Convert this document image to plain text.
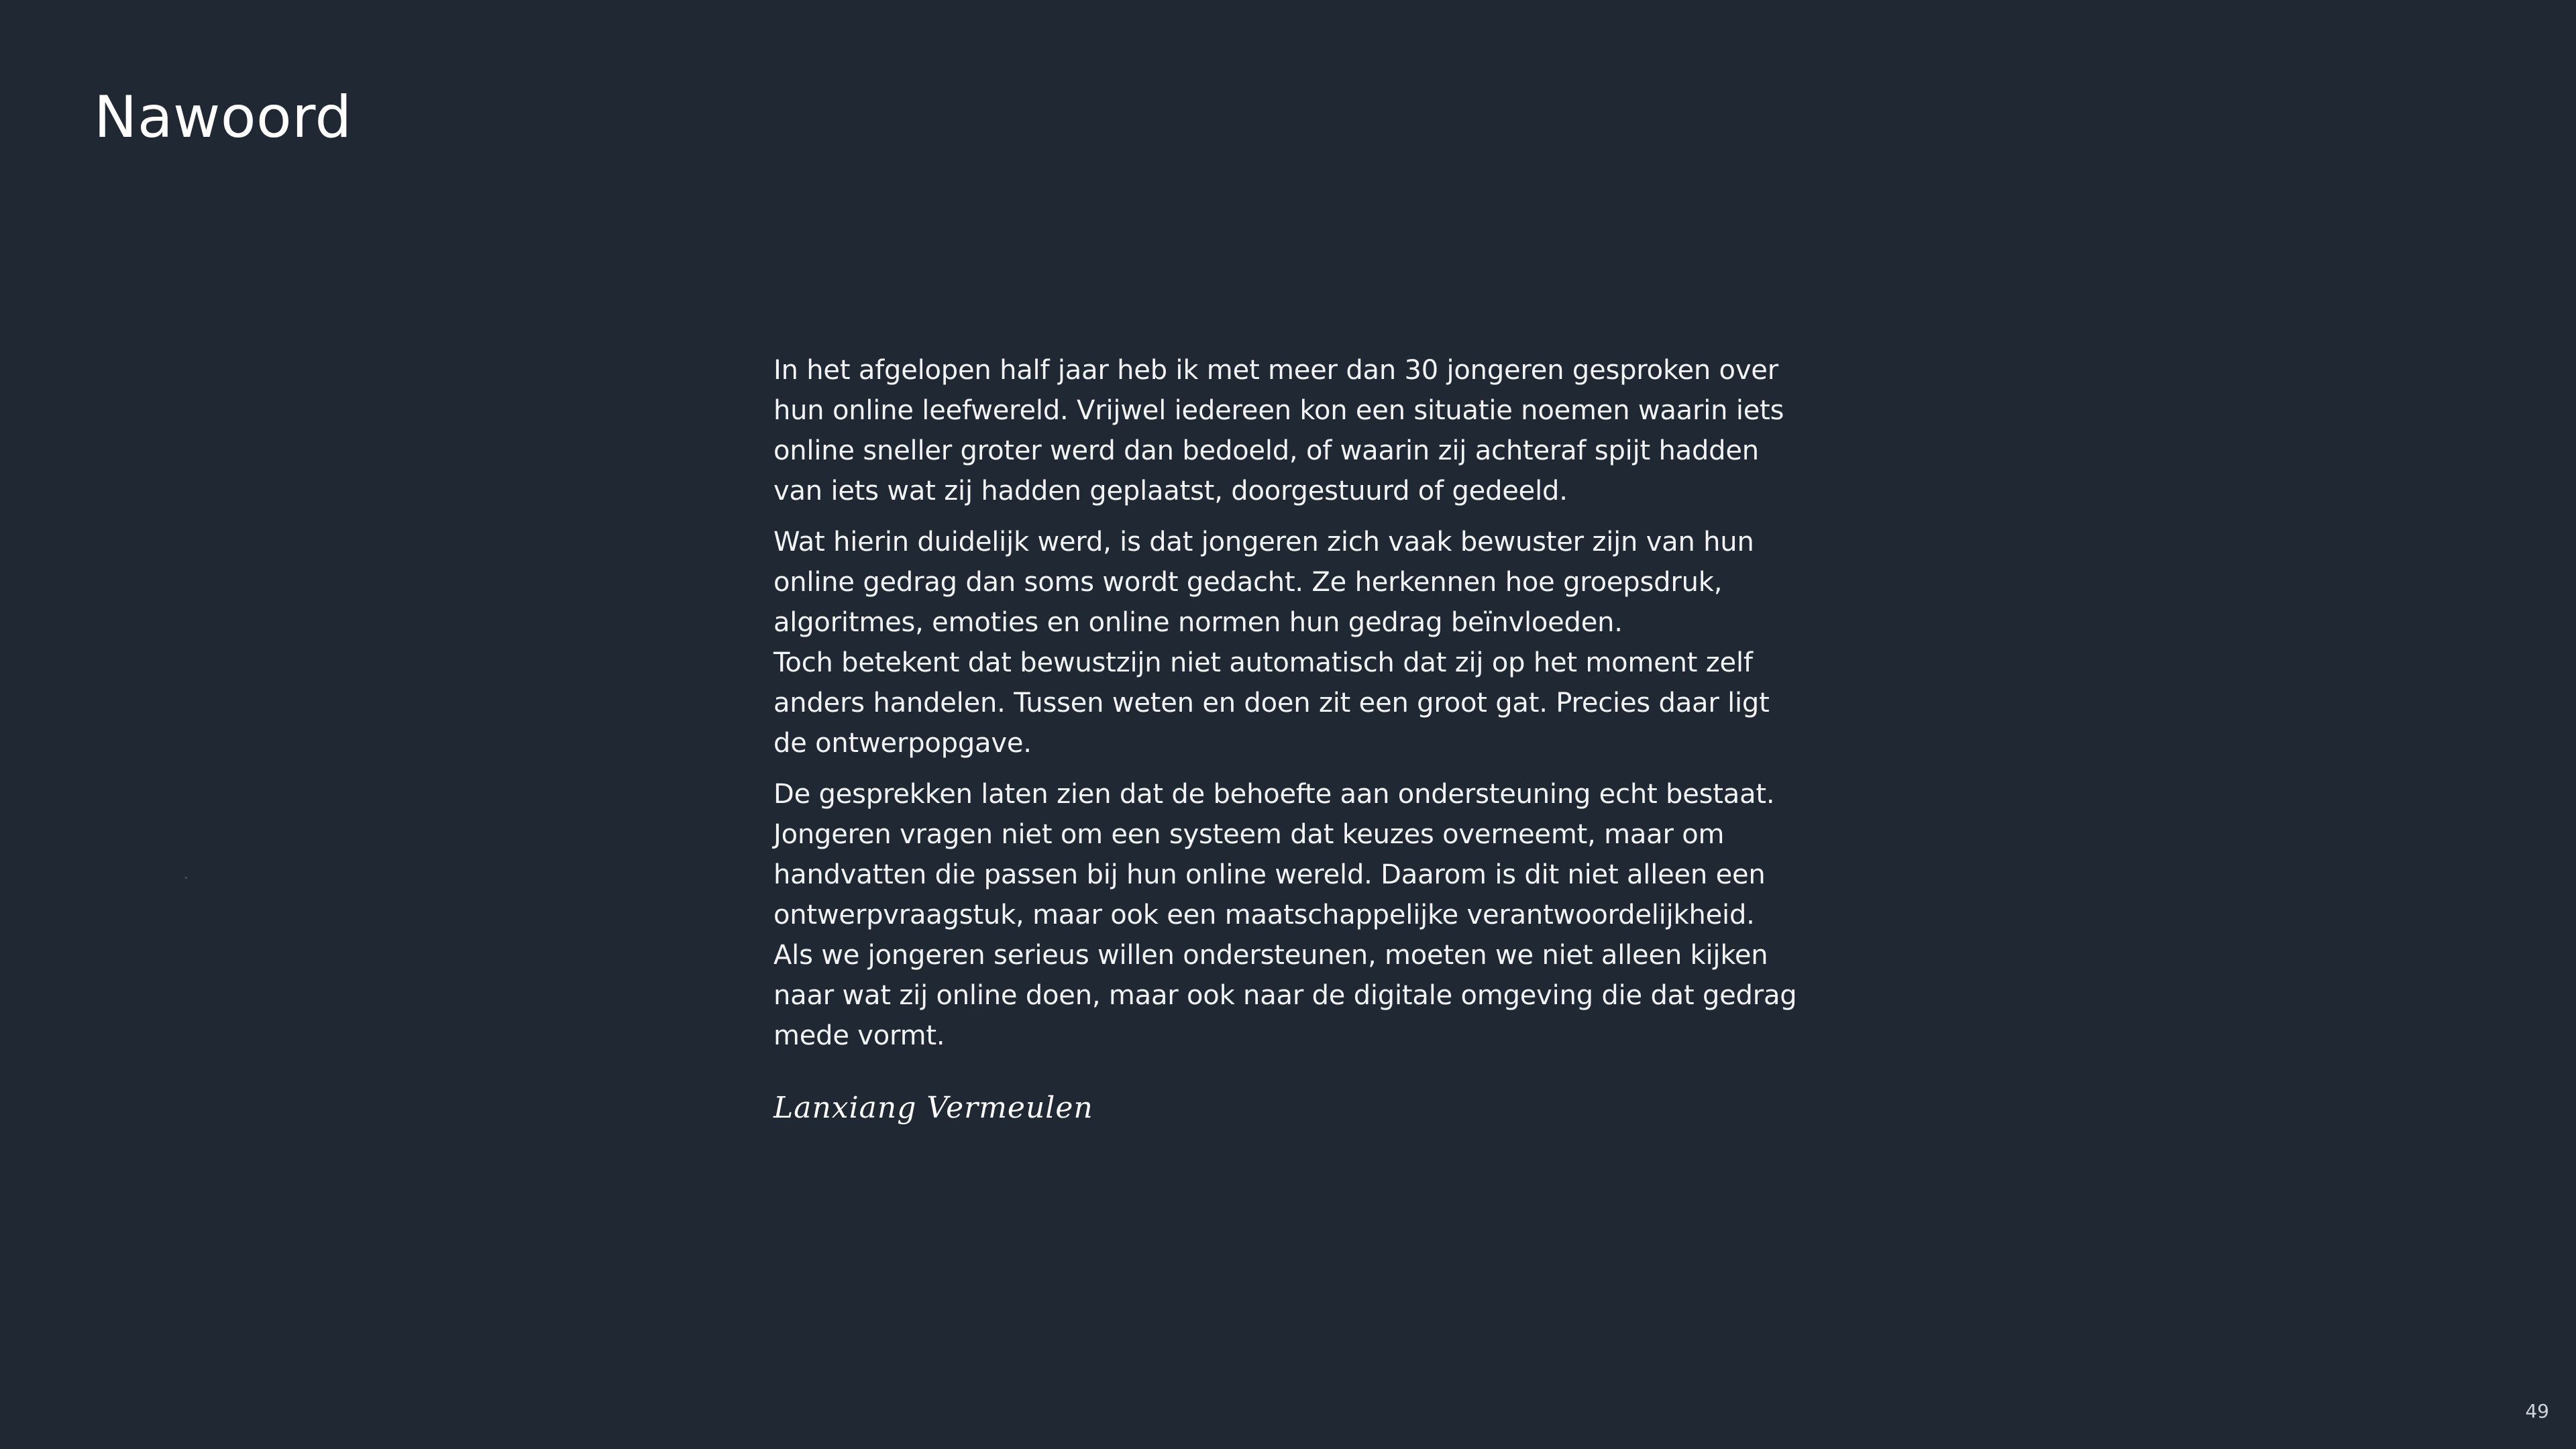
Nawoord

In het afgelopen half jaar heb ik met meer dan 30 jongeren gesproken over
hun online leefwereld. Vrijwel iedereen kon een situatie noemen waarin iets
online sneller groter werd dan bedoeld, of waarin zij achteraf spijt hadden
van iets wat zij hadden geplaatst, doorgestuurd of gedeeld.

Wat hierin duidelijk werd, is dat jongeren zich vaak bewuster zijn van hun
online gedrag dan soms wordt gedacht. Ze herkennen hoe groepsdruk,
algoritmes, emoties en online normen hun gedrag beïnvloeden.
Toch betekent dat bewustzijn niet automatisch dat zij op het moment zelf
anders handelen. Tussen weten en doen zit een groot gat. Precies daar ligt
de ontwerpopgave.

De gesprekken laten zien dat de behoefte aan ondersteuning echt bestaat.
Jongeren vragen niet om een systeem dat keuzes overneemt, maar om
handvatten die passen bij hun online wereld. Daarom is dit niet alleen een
ontwerpvraagstuk, maar ook een maatschappelijke verantwoordelijkheid.
Als we jongeren serieus willen ondersteunen, moeten we niet alleen kijken
naar wat zij online doen, maar ook naar de digitale omgeving die dat gedrag
mede vormt.

Lanxiang Vermeulen
49
